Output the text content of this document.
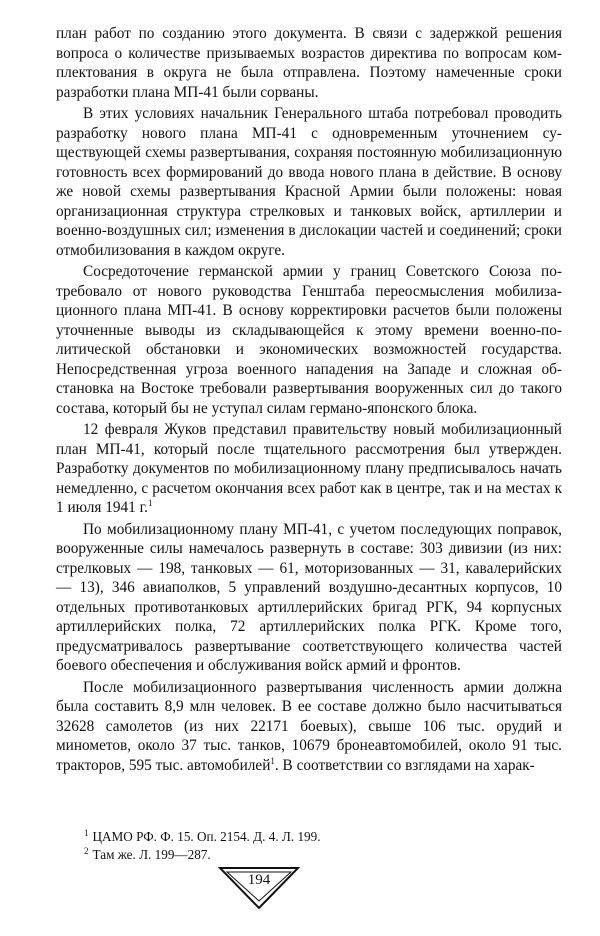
план работ по созданию этого документа. В связи с задержкой решения вопроса о количестве призываемых возрастов директива по вопросам комплектования в округа не была отправлена. Поэтому намеченные сроки разработки плана МП-41 были сорваны.

В этих условиях начальник Генерального штаба потребовал проводить разработку нового плана МП-41 с одновременным уточнением существующей схемы развертывания, сохраняя постоянную мобилизационную готовность всех формирований до ввода нового плана в действие. В основу же новой схемы развертывания Красной Армии были положены: новая организационная структура стрелковых и танковых войск, артиллерии и военно-воздушных сил; изменения в дислокации частей и соединений; сроки отмобилизования в каждом округе.

Сосредоточение германской армии у границ Советского Союза потребовало от нового руководства Генштаба переосмысления мобилизационного плана МП-41. В основу корректировки расчетов были положены уточненные выводы из складывающейся к этому времени военно-политической обстановки и экономических возможностей государства. Непосредственная угроза военного нападения на Западе и сложная обстановка на Востоке требовали развертывания вооруженных сил до такого состава, который бы не уступал силам германо-японского блока.

12 февраля Жуков представил правительству новый мобилизационный план МП-41, который после тщательного рассмотрения был утвержден. Разработку документов по мобилизационному плану предписывалось начать немедленно, с расчетом окончания всех работ как в центре, так и на местах к 1 июля 1941 г.$^1$

По мобилизационному плану МП-41, с учетом последующих поправок, вооруженные силы намечалось развернуть в составе: 303 дивизии (из них: стрелковых — 198, танковых — 61, моторизованных — 31, кавалерийских — 13), 346 авиаполков, 5 управлений воздушно-десантных корпусов, 10 отдельных противотанковых артиллерийских бригад РГК, 94 корпусных артиллерийских полка, 72 артиллерийских полка РГК. Кроме того, предусматривалось развертывание соответствующего количества частей боевого обеспечения и обслуживания войск армий и фронтов.

После мобилизационного развертывания численность армии должна была составить 8,9 млн человек. В ее составе должно было насчитываться 32628 самолетов (из них 22171 боевых), свыше 106 тыс. орудий и минометов, около 37 тыс. танков, 10679 бронеавтомобилей, около 91 тыс. тракторов, 595 тыс. автомобилей$^1$. В соответствии со взглядами на харак-

$^1$ ЦАМО РФ. Ф. 15. Оп. 2154. Д. 4. Л. 199.
$^2$ Там же. Л. 199—287.
194
